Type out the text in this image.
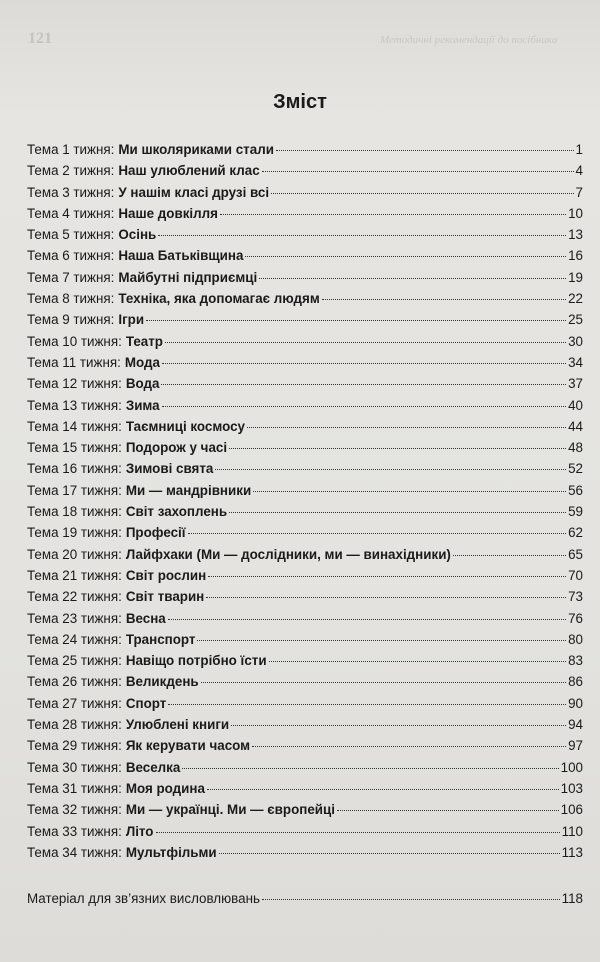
121	Методичні рекомендації до посібника
Зміст
Тема 1 тижня: Ми школяриками стали	1
Тема 2 тижня: Наш улюблений клас	4
Тема 3 тижня: У нашім класі друзі всі	7
Тема 4 тижня: Наше довкілля	10
Тема 5 тижня: Осінь	13
Тема 6 тижня: Наша Батьківщина	16
Тема 7 тижня: Майбутні підприємці	19
Тема 8 тижня: Техніка, яка допомагає людям	22
Тема 9 тижня: Ігри	25
Тема 10 тижня: Театр	30
Тема 11 тижня: Мода	34
Тема 12 тижня: Вода	37
Тема 13 тижня: Зима	40
Тема 14 тижня: Таємниці космосу	44
Тема 15 тижня: Подорож у часі	48
Тема 16 тижня: Зимові свята	52
Тема 17 тижня: Ми — мандрівники	56
Тема 18 тижня: Світ захоплень	59
Тема 19 тижня: Професії	62
Тема 20 тижня: Лайфхаки (Ми — дослідники, ми — винахідники)	65
Тема 21 тижня: Світ рослин	70
Тема 22 тижня: Світ тварин	73
Тема 23 тижня: Весна	76
Тема 24 тижня: Транспорт	80
Тема 25 тижня: Навіщо потрібно їсти	83
Тема 26 тижня: Великдень	86
Тема 27 тижня: Спорт	90
Тема 28 тижня: Улюблені книги	94
Тема 29 тижня: Як керувати часом	97
Тема 30 тижня: Веселка	100
Тема 31 тижня: Моя родина	103
Тема 32 тижня: Ми — українці. Ми — європейці	106
Тема 33 тижня: Літо	110
Тема 34 тижня: Мультфільми	113
Матеріал для зв’язних висловлювань	118
